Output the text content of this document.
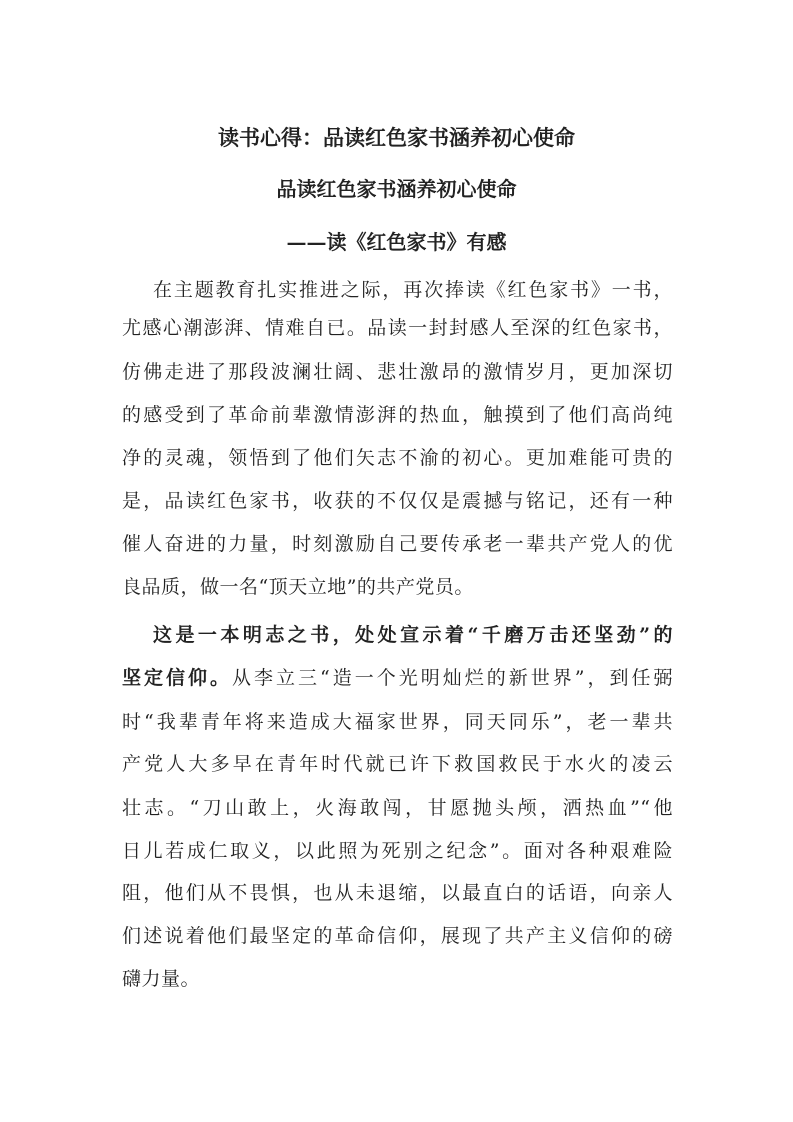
读书心得：品读红色家书涵养初心使命
品读红色家书涵养初心使命
——读《红色家书》有感
在主题教育扎实推进之际，再次捧读《红色家书》一书，
尤感心潮澎湃、情难自已。品读一封封感人至深的红色家书，
仿佛走进了那段波澜壮阔、悲壮激昂的激情岁月，更加深切
的感受到了革命前辈激情澎湃的热血，触摸到了他们高尚纯
净的灵魂，领悟到了他们矢志不渝的初心。更加难能可贵的
是，品读红色家书，收获的不仅仅是震撼与铭记，还有一种
催人奋进的力量，时刻激励自己要传承老一辈共产党人的优
良品质，做一名“顶天立地”的共产党员。
这是一本明志之书，处处宣示着“千磨万击还坚劲”的
坚定信仰。从李立三“造一个光明灿烂的新世界”，到任弼
时“我辈青年将来造成大福家世界，同天同乐”，老一辈共
产党人大多早在青年时代就已许下救国救民于水火的凌云
壮志。“刀山敢上，火海敢闯，甘愿抛头颅，洒热血”“他
日儿若成仁取义，以此照为死别之纪念”。面对各种艰难险
阻，他们从不畏惧，也从未退缩，以最直白的话语，向亲人
们述说着他们最坚定的革命信仰，展现了共产主义信仰的磅
礴力量。
